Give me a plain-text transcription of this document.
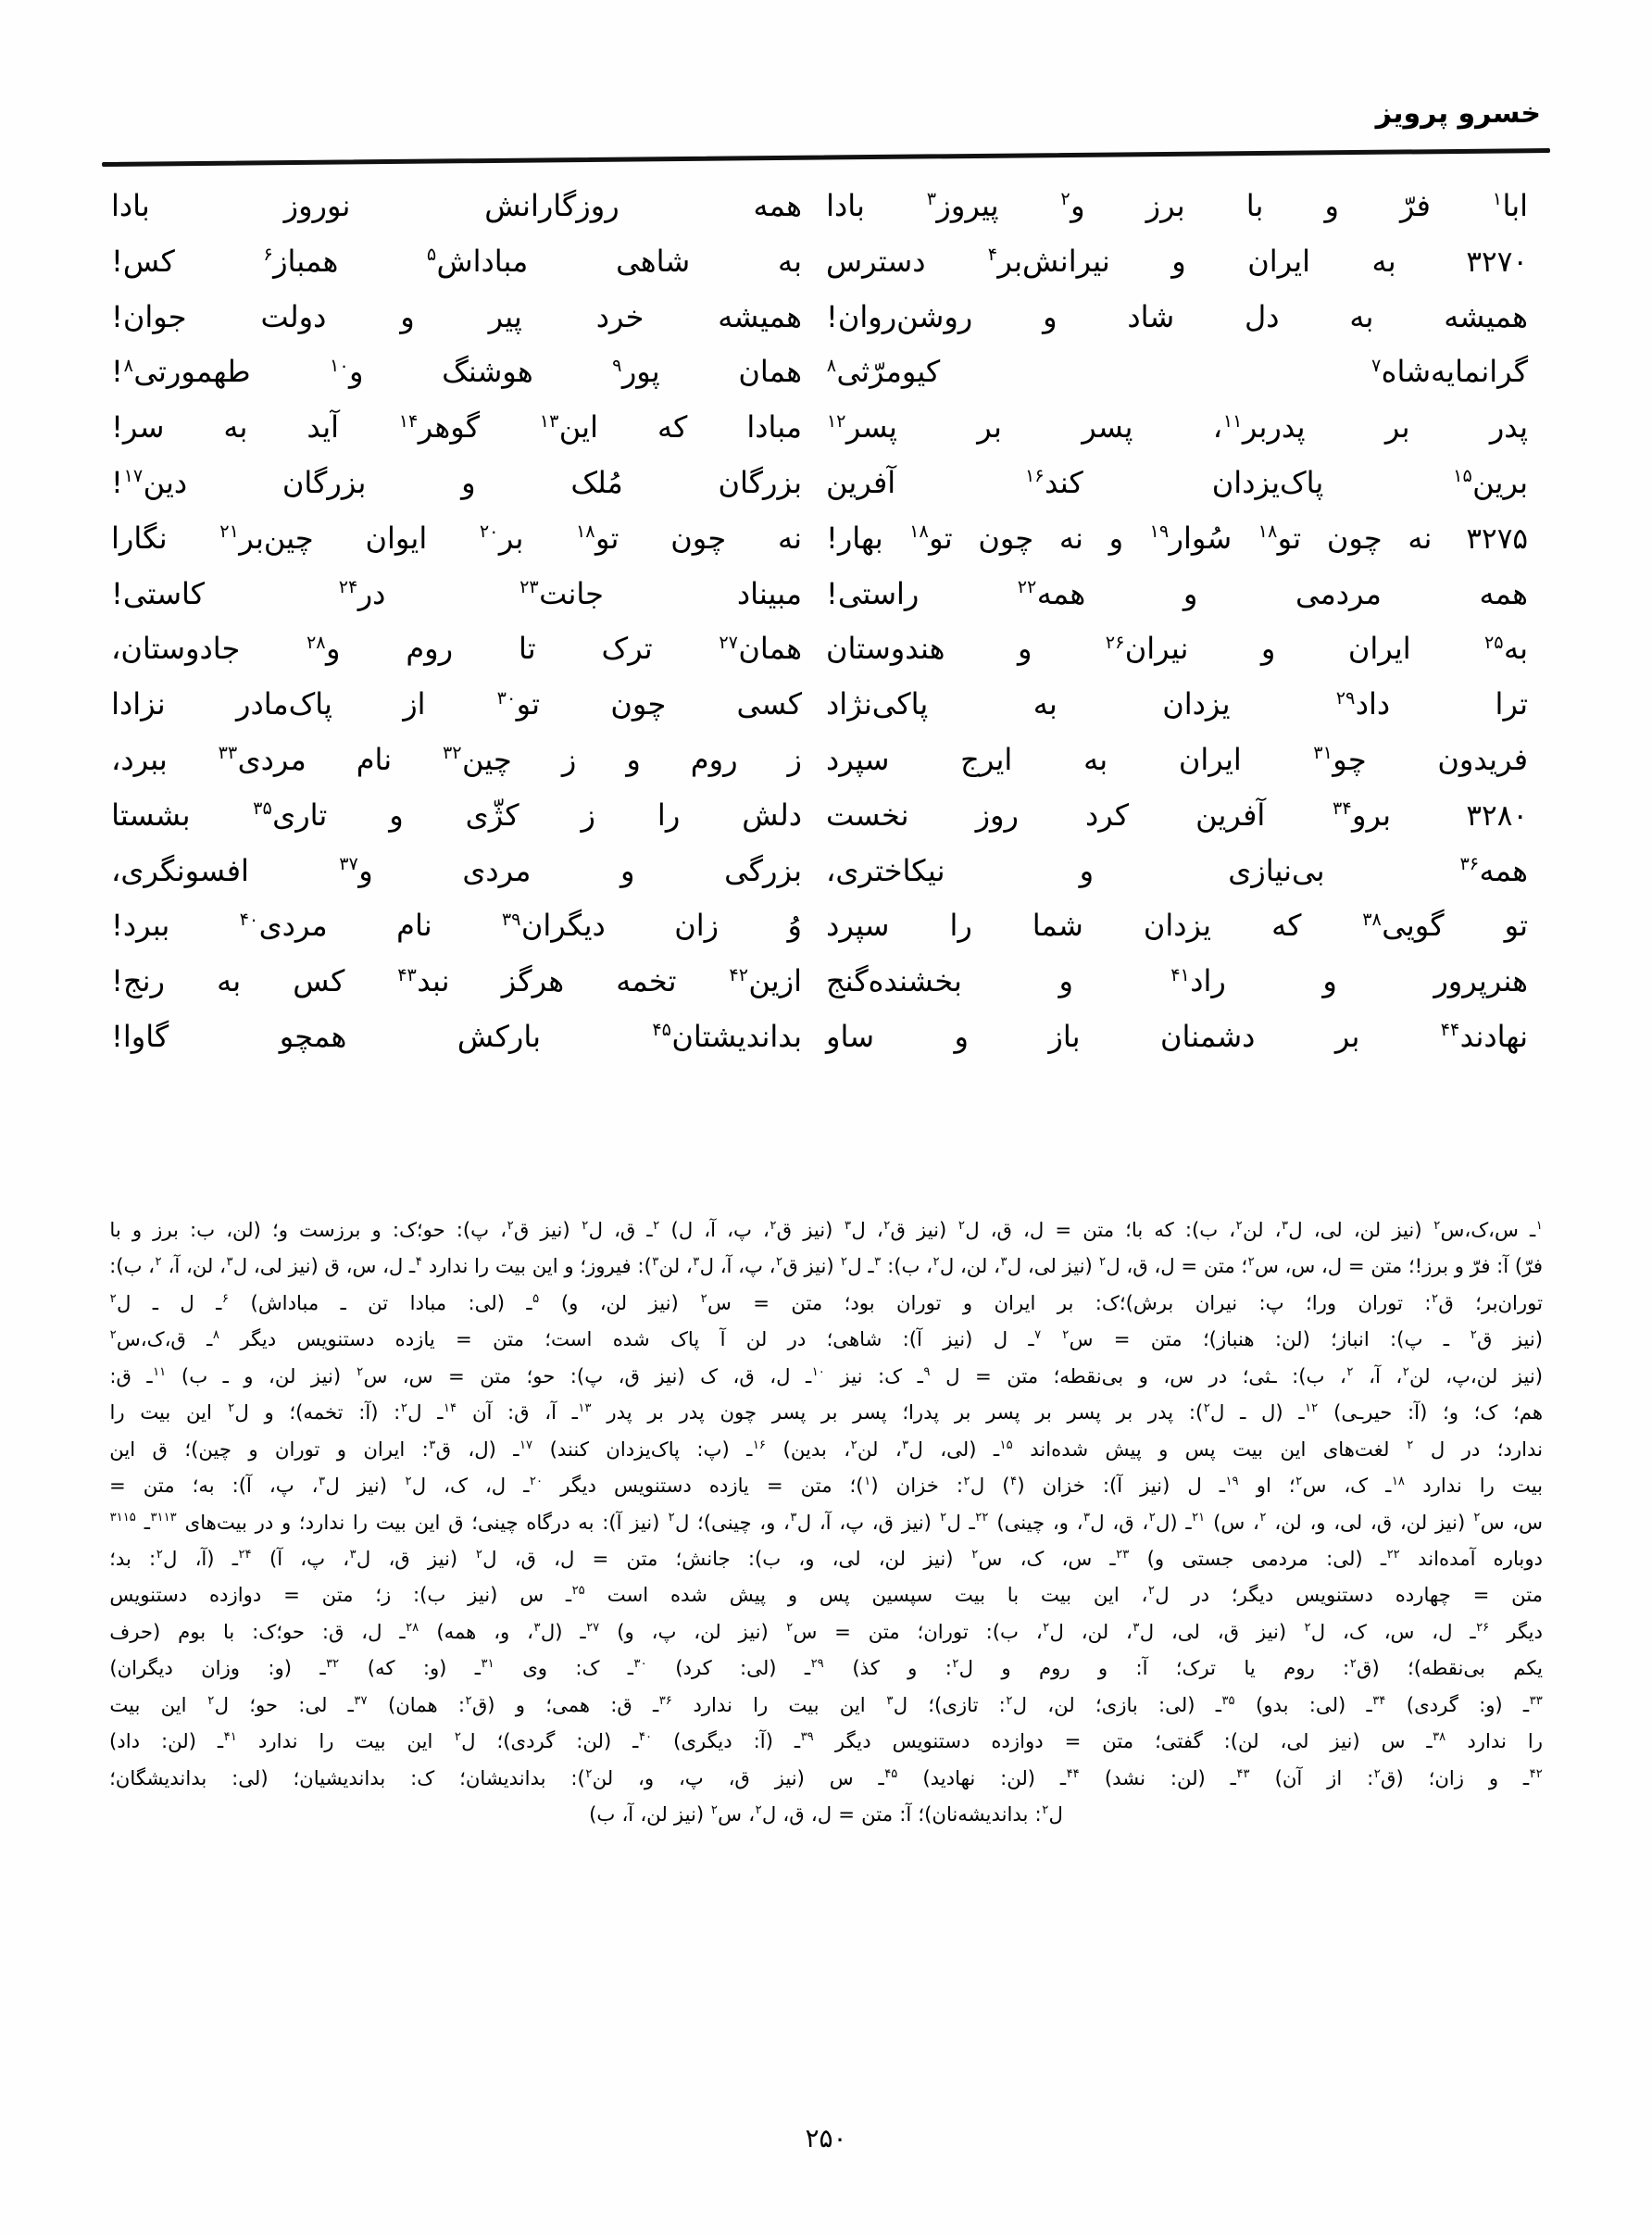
خسرو پرویز
ابا$^۱$
فرّ
و
با
برز
و$^۲$
پیروز$^۳$
بادا
همه
روزگارانش
نوروز
بادا
۳۲۷۰
به
ایران
و
نیرانش‌بر$^۴$
دسترس
به
شاهی
مباداش$^۵$
همباز$^۶$
کس!
همیشه
به
دل
شاد
و
روشن‌روان!
همیشه
خرد
پیر
و
دولت
جوان!
گرانمایه‌شاه$^۷$
کیومرّثی$^۸$
همان
پور$^۹$
هوشنگ
و$^{۱۰}$
طهمورتی$^۸$!
پدر
بر
پدربر$^{۱۱}$،
پسر
بر
پسر$^{۱۲}$
مبادا
که
این$^{۱۳}$
گوهر$^{۱۴}$
آید
به
سر!
برین$^{۱۵}$
پاک‌یزدان
کند$^{۱۶}$
آفرین
بزرگان
مُلک
و
بزرگان
دین$^{۱۷}$!
۳۲۷۵
نه
چون
تو$^{۱۸}$
سُوار$^{۱۹}$
و
نه
چون
تو$^{۱۸}$
بهار!
نه
چون
تو$^{۱۸}$
بر$^{۲۰}$
ایوان
چین‌بر$^{۲۱}$
نگارا
همه
مردمی
و
همه$^{۲۲}$
راستی!
مبیناد
جانت$^{۲۳}$
در$^{۲۴}$
کاستی!
به$^{۲۵}$
ایران
و
نیران$^{۲۶}$
و
هندوستان
همان$^{۲۷}$
ترک
تا
روم
و$^{۲۸}$
جادوستان،
ترا
داد$^{۲۹}$
یزدان
به
پاکی‌نژاد
کسی
چون
تو$^{۳۰}$
از
پاک‌مادر
نزادا
فریدون
چو$^{۳۱}$
ایران
به
ایرج
سپرد
ز
روم
و
ز
چین$^{۳۲}$
نام
مردی$^{۳۳}$
ببرد،
۳۲۸۰
برو$^{۳۴}$
آفرین
کرد
روز
نخست
دلش
را
ز
کژّی
و
تاری$^{۳۵}$
بشستا
همه$^{۳۶}$
بی‌نیازی
و
نیکاختری،
بزرگی
و
مردی
و$^{۳۷}$
افسونگری،
تو
گویی$^{۳۸}$
که
یزدان
شما
را
سپرد
وُ
زان
دیگران$^{۳۹}$
نام
مردی$^{۴۰}$
ببرد!
هنرپرور
و
راد$^{۴۱}$
و
بخشنده‌گنج
ازین$^{۴۲}$
تخمه
هرگز
نبد$^{۴۳}$
کس
به
رنج!
نهادند$^{۴۴}$
بر
دشمنان
باز
و
ساو
بداندیشتان$^{۴۵}$
بارکش
همچو
گاوا!
$^۱$ـ
س،ک،س$^۲$
(نیز
لن،
لی،
ل$^۳$،
لن$^۲$،
ب):
که
با؛
متن
=
ل،
ق،
ل$^۲$
(نیز
ق$^۲$،
ل$^۳$
(نیز
ق$^۲$،
پ،
آ،
ل)
$^۲$ـ
ق،
ل$^۲$
(نیز
ق$^۲$،
پ):
حو؛ک:
و
برزست
و؛
(لن،
ب:
برز
و
با
فرّ)
آ:
فرّ
و
برز!؛
متن
=
ل،
س،
س$^۲$؛
متن
=
ل،
ق،
ل$^۲$
(نیز
لی،
ل$^۳$،
لن،
ل$^۲$،
ب):
$^۳$ـ
ل$^۲$
(نیز
ق$^۲$،
پ،
آ،
ل$^۳$،
لن$^۳$):
فیروز؛
و
این
بیت
را
ندارد
$^۴$ـ
ل،
س،
ق
(نیز
لی،
ل$^۳$،
لن،
آ،
$^۲$،
ب):
توران‌بر؛
ق$^۲$:
توران
ورا؛
پ:
نیران
برش)؛ک:
بر
ایران
و
توران
بود؛
متن
=
س$^۲$
(نیز
لن،
و)
$^۵$ـ
(لی:
مبادا
تن
ـ
مباداش)
$^۶$ـ
ل
ـ
ل$^۲$
(نیز
ق$^۲$
ـ
پ):
انباز؛
(لن:
هنباز)؛
متن
=
س$^۲$
$^۷$ـ
ل
(نیز
آ):
شاهی؛
در
لن
آ
پاک
شده
است؛
متن
=
یازده
دستنویس
دیگر
$^۸$ـ
ق،ک،س$^۲$
(نیز
لن،پ،
لن$^۲$،
آ،
$^۲$،
ب):
ـثی؛
در
س،
و
بی‌نقطه؛
متن
=
ل
$^۹$ـ
ک:
نیز
$^{۱۰}$ـ
ل،
ق،
ک
(نیز
ق،
پ):
حو؛
متن
=
س،
س$^۲$
(نیز
لن،
و
ـ
ب)
$^{۱۱}$ـ
ق:
هم؛
ک؛
و؛
(آ:
حیرـی)
$^{۱۲}$ـ
(ل
ـ
ل$^۲$):
پدر
بر
پسر
بر
پسر
بر
پدرا؛
پسر
بر
پسر
چون
پدر
بر
پدر
$^{۱۳}$ـ
آ،
ق:
آن
$^{۱۴}$ـ
ل$^۲$:
(آ:
تخمه)؛
و
ل$^۲$
این
بیت
را
ندارد؛
در
ل
$^۲$
لغت‌های
این
بیت
پس
و
پیش
شده‌اند
$^{۱۵}$ـ
(لی،
ل$^۳$،
لن$^۲$،
بدین)
$^{۱۶}$ـ
(پ:
پاک‌یزدان
کنند)
$^{۱۷}$ـ
(ل،
ق$^۳$:
ایران
و
توران
و
چین)؛
ق
این
بیت
را
ندارد
$^{۱۸}$ـ
ک،
س$^۲$؛
او
$^{۱۹}$ـ
ل
(نیز
آ):
خزان
($^۴$)
ل$^۲$:
خزان
($^۱$)؛
متن
=
یازده
دستنویس
دیگر
$^{۲۰}$ـ
ل،
ک،
ل$^۲$
(نیز
ل$^۳$،
پ،
آ):
به؛
متن
=
س،
س$^۲$
(نیز
لن،
ق،
لی،
و،
لن،
$^۲$،
س)
$^{۲۱}$ـ
(ل$^۲$،
ق،
ل$^۳$،
و،
چینی)
$^{۲۲}$ـ
ل$^۲$
(نیز
ق،
پ،
آ،
ل$^۳$،
و،
چینی)؛
ل$^۲$
(نیز
آ):
به
درگاه
چینی؛
ق
این
بیت
را
ندارد؛
و
در
بیت‌های
$^{۳۱۱۳}$ـ
$^{۳۱۱۵}$
دوباره
آمده‌اند
$^{۲۲}$ـ
(لی:
مردمی
جستی
و)
$^{۲۳}$ـ
س،
ک،
س$^۲$
(نیز
لن،
لی،
و،
ب):
جانش؛
متن
=
ل،
ق،
ل$^۲$
(نیز
ق،
ل$^۳$،
پ،
آ)
$^{۲۴}$ـ
(آ،
ل$^۲$:
بد؛
متن
=
چهارده
دستنویس
دیگر؛
در
ل$^۲$،
این
بیت
با
بیت
سپسین
پس
و
پیش
شده
است
$^{۲۵}$ـ
س
(نیز
ب):
ز؛
متن
=
دوازده
دستنویس
دیگر
$^{۲۶}$ـ
ل،
س،
ک،
ل$^۲$
(نیز
ق،
لی،
ل$^۳$،
لن،
ل$^۲$،
ب):
توران؛
متن
=
س$^۲$
(نیز
لن،
پ،
و)
$^{۲۷}$ـ
(ل$^۳$،
و،
همه)
$^{۲۸}$ـ
ل،
ق:
حو؛ک:
با
بوم
(حرف
یکم
بی‌نقطه)؛
(ق$^۲$:
روم
یا
ترک؛
آ:
و
روم
و
ل$^۲$:
و
کذ)
$^{۲۹}$ـ
(لی:
کرد)
$^{۳۰}$ـ
ک:
وی
$^{۳۱}$ـ
(و:
که)
$^{۳۲}$ـ
(و:
وزان
دیگران)
$^{۳۳}$ـ
(و:
گردی)
$^{۳۴}$ـ
(لی:
بدو)
$^{۳۵}$ـ
(لی:
بازی؛
لن،
ل$^۲$:
تازی)؛
ل$^۳$
این
بیت
را
ندارد
$^{۳۶}$ـ
ق:
همی؛
و
(ق$^۲$:
همان)
$^{۳۷}$ـ
لی:
حو؛
ل$^۲$
این
بیت
را
ندارد
$^{۳۸}$ـ
س
(نیز
لی،
لن):
گفتی؛
متن
=
دوازده
دستنویس
دیگر
$^{۳۹}$ـ
(آ:
دیگری)
$^{۴۰}$ـ
(لن:
گردی)؛
ل$^۲$
این
بیت
را
ندارد
$^{۴۱}$ـ
(لن:
داد)
$^{۴۲}$ـ
و
زان؛
(ق$^۲$:
از
آن)
$^{۴۳}$ـ
(لن:
نشد)
$^{۴۴}$ـ
(لن:
نهادید)
$^{۴۵}$ـ
س
(نیز
ق،
پ،
و،
لن$^۲$):
بداندیشان؛
ک:
بداندیشیان؛
(لی:
بداندیشگان؛
ل$^۲$: بداندیشه‌نان)؛ آ: متن = ل، ق، ل$^۲$، س$^۲$ (نیز لن، آ، ب)
۲۵۰
